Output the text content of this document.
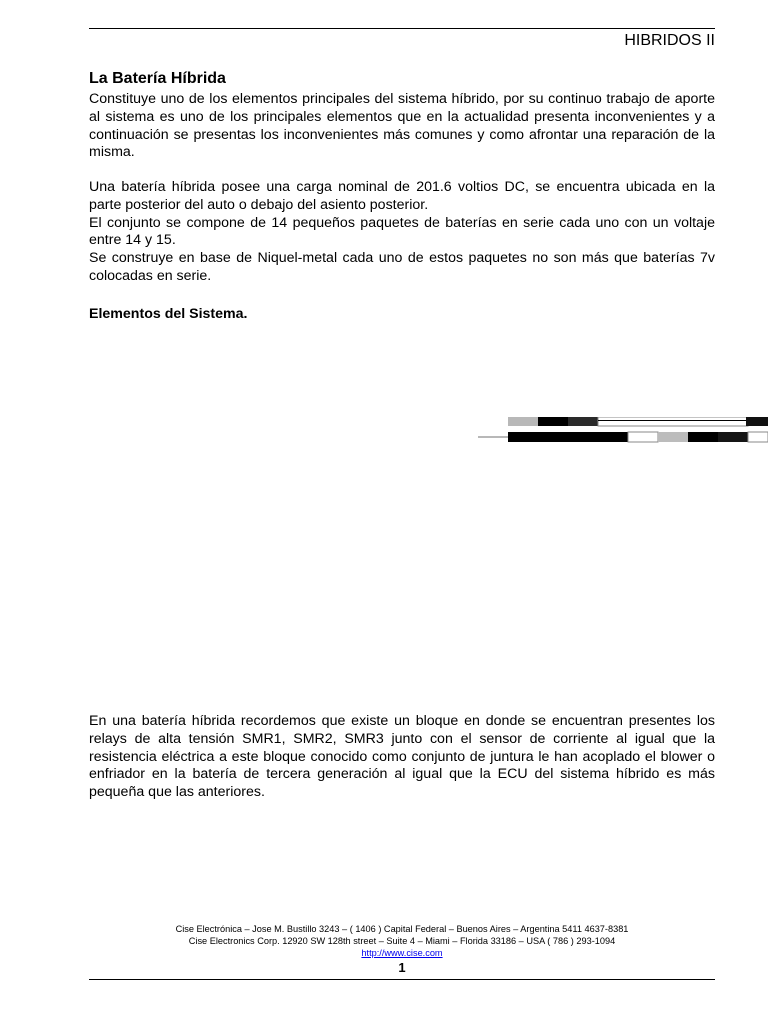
HIBRIDOS II
La Batería Híbrida

Constituye uno de los elementos principales del sistema híbrido, por su continuo trabajo de aporte al sistema es uno de los principales elementos que en la actualidad presenta inconvenientes y a continuación se presentas los inconvenientes más comunes y como afrontar una reparación de la misma.

Una batería híbrida posee una carga nominal de 201.6 voltios DC, se encuentra ubicada en la parte posterior del auto o debajo del asiento posterior.

El conjunto se compone de 14 pequeños paquetes de baterías en serie cada uno con un voltaje entre 14 y 15.

Se construye en base de Niquel-metal cada uno de estos paquetes no son más que baterías 7v colocadas en serie.

Elementos del Sistema.

En una batería híbrida recordemos que existe un bloque en donde se encuentran presentes los relays de alta tensión SMR1, SMR2, SMR3 junto con el sensor de corriente al igual que la resistencia eléctrica a este bloque conocido como conjunto de juntura le han acoplado el blower o enfriador en la batería de tercera generación al igual que la ECU del sistema híbrido es más pequeña que las anteriores.

Cise Electrónica – Jose M. Bustillo 3243 – ( 1406 ) Capital Federal – Buenos Aires – Argentina 5411 4637-8381
Cise Electronics Corp. 12920 SW 128th street – Suite 4 – Miami – Florida 33186 – USA ( 786 ) 293-1094
http://www.cise.com
1
